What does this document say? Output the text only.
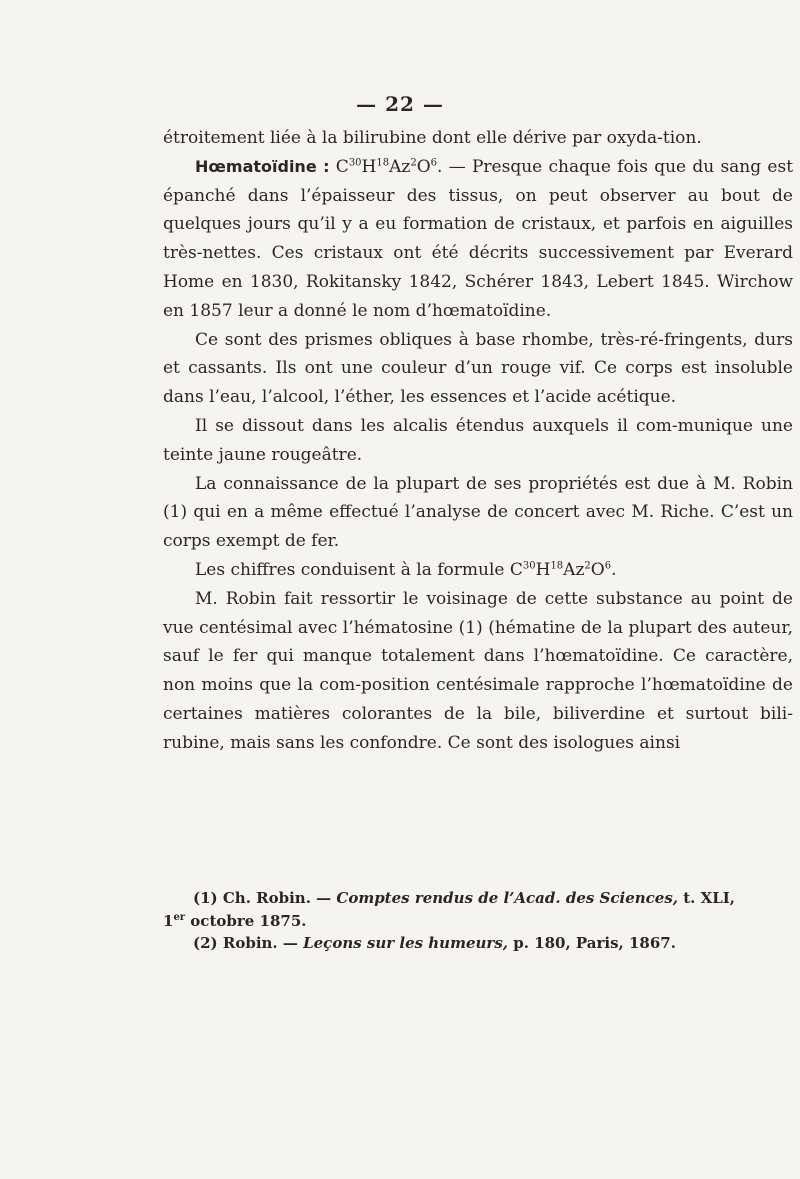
— 22 —

étroitement liée à la bilirubine dont elle dérive par oxyda-tion.

Hœmatoïdine : $C^{30}H^{18}Az^2O^6$. — Presque chaque fois que du sang est épanché dans l’épaisseur des tissus, on peut observer au bout de quelques jours qu’il y a eu formation de cristaux, et parfois en aiguilles très-nettes. Ces cristaux ont été décrits successivement par Everard Home en 1830, Rokitansky 1842, Schérer 1843, Lebert 1845. Wirchow en 1857 leur a donné le nom d’hœmatoïdine.

Ce sont des prismes obliques à base rhombe, très-ré-fringents, durs et cassants. Ils ont une couleur d’un rouge vif. Ce corps est insoluble dans l’eau, l’alcool, l’éther, les essences et l’acide acétique.

Il se dissout dans les alcalis étendus auxquels il com-munique une teinte jaune rougeâtre.

La connaissance de la plupart de ses propriétés est due à M. Robin (1) qui en a même effectué l’analyse de concert avec M. Riche. C’est un corps exempt de fer.

Les chiffres conduisent à la formule $C^{30}H^{18}Az^2O^6$.

M. Robin fait ressortir le voisinage de cette substance au point de vue centésimal avec l’hématosine (1) (hématine de la plupart des auteur, sauf le fer qui manque totalement dans l’hœmatoïdine. Ce caractère, non moins que la com-position centésimale rapproche l’hœmatoïdine de certaines matières colorantes de la bile, biliverdine et surtout bili-rubine, mais sans les confondre. Ce sont des isologues ainsi

(1) Ch. Robin. — Comptes rendus de l’Acad. des Sciences, t. XLI,
1er octobre 1875.

(2) Robin. — Leçons sur les humeurs, p. 180, Paris, 1867.
